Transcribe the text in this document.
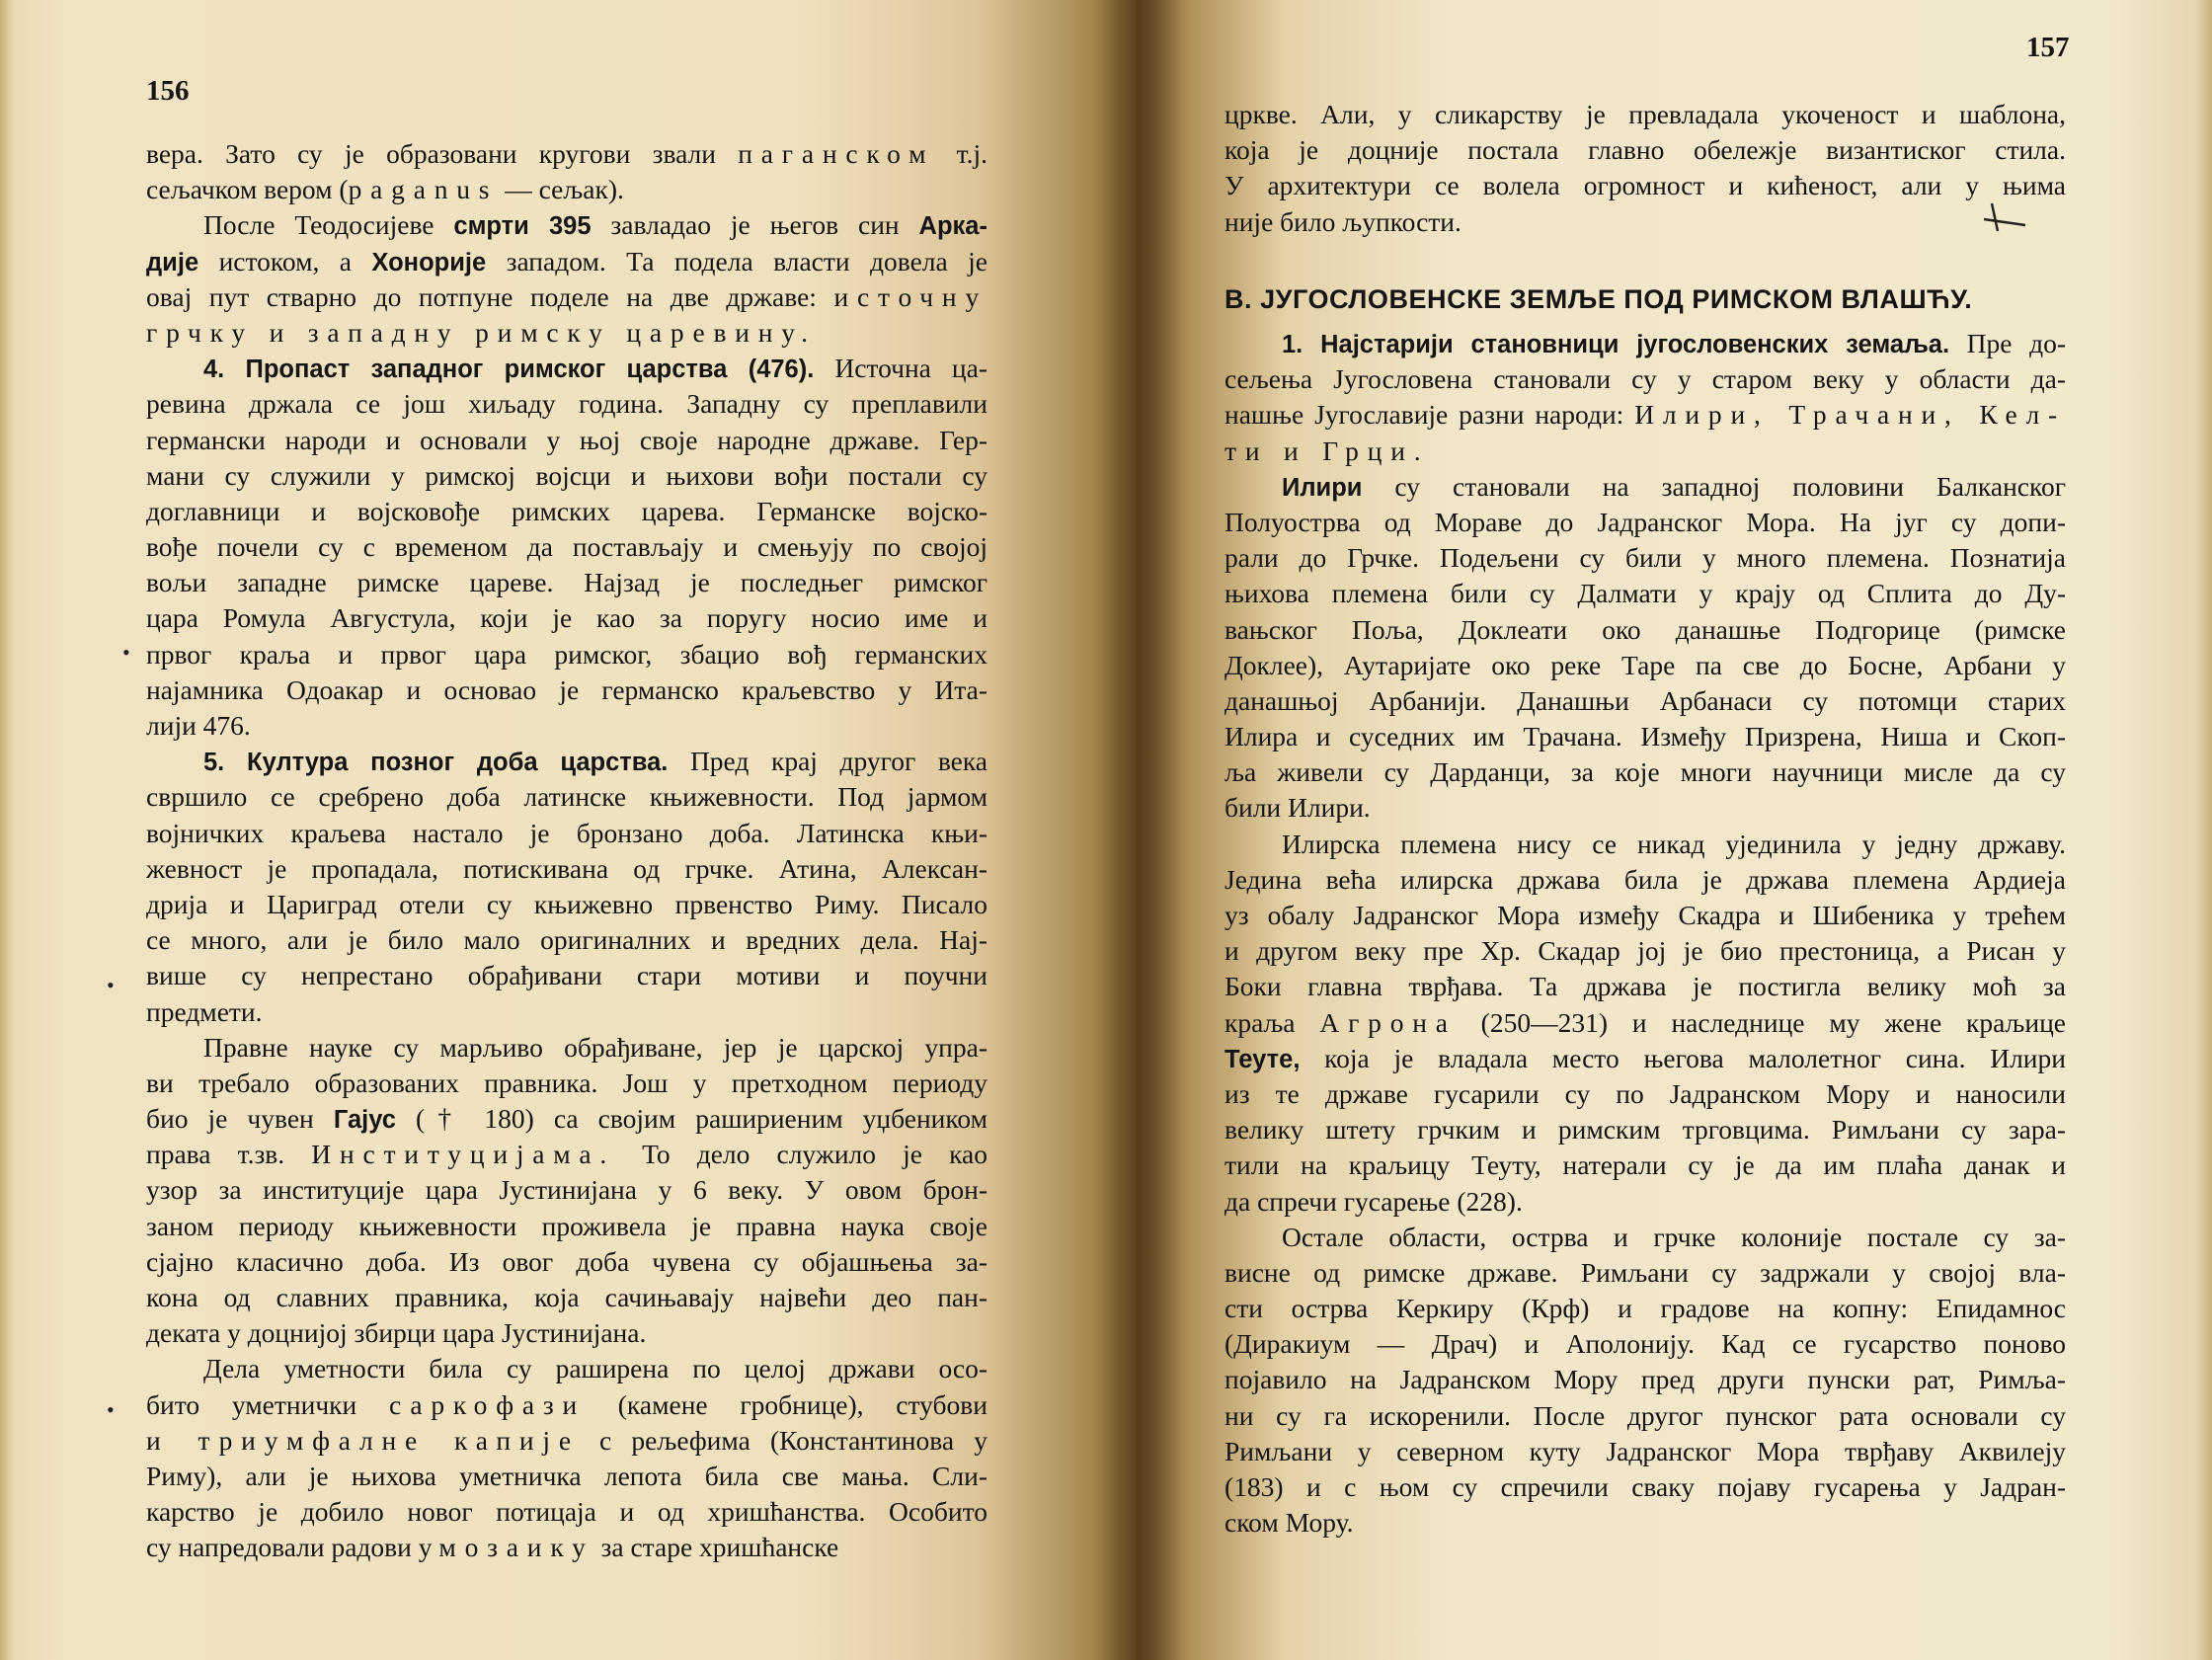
156
вера. Зато су је образовани кругови звали паганском т.ј.
сељачком вером (paganus — сељак).
После Теодосијеве смрти 395 завладао је његов син Арка-
дије истоком, а Хонорије западом. Та подела власти довела је
овај пут стварно до потпуне поделе на две државе: источну
грчку и западну римску царевину.
4. Пропаст западног римског царства (476). Источна ца-
ревина држала се још хиљаду година. Западну су преплавили
германски народи и основали у њој своје народне државе. Гер-
мани су служили у римској војсци и њихови вођи постали су
доглавници и војсковође римских царева. Германске војско-
вође почели су с временом да постављају и смењују по својој
вољи западне римске цареве. Најзад је последњег римског
цара Ромула Августула, који је као за поругу носио име и
првог краља и првог цара римског, збацио вођ германских
најамника Одоакар и основао је германско краљевство у Ита-
лији 476.
5. Култура позног доба царства. Пред крај другог века
свршило се сребрено доба латинске књижевности. Под јармом
војничких краљева настало је бронзано доба. Латинска књи-
жевност је пропадала, потискивана од грчке. Атина, Алексан-
дрија и Цариград отели су књижевно првенство Риму. Писало
се много, али је било мало оригиналних и вредних дела. Нај-
више су непрестано обрађивани стари мотиви и поучни
предмети.
Правне науке су марљиво обрађиване, јер је царској упра-
ви требало образованих правника. Још у претходном периоду
био је чувен Гајус († 180) са својим рашириеним уџбеником
права т.зв. Институцијама. То дело служило је као
узор за институције цара Јустинијана у 6 веку. У овом брон-
заном периоду књижевности проживела је правна наука своје
сјајно класично доба. Из овог доба чувена су објашњења за-
кона од славних правника, која сачињавају највећи део пан-
деката у доцнијој збирци цара Јустинијана.
Дела уметности била су раширена по целој држави осо-
бито уметнички саркофази (камене гробнице), стубови
и триумфалне капије с рељефима (Константинова у
Риму), али је њихова уметничка лепота била све мања. Сли-
карство је добило новог потицаја и од хришћанства. Особито
су напредовали радови у мозаику за старе хришћанске
157
цркве. Али, у сликарству је превладала укоченост и шаблона,
која је доцније постала главно обележје византиског стила.
У архитектури се волела огромност и кићеност, али у њима
није било љупкости.
В. ЈУГОСЛОВЕНСКЕ ЗЕМЉЕ ПОД РИМСКОМ ВЛАШЋУ.
1. Најстарији становници југословенских земаља. Пре до-
сељења Југословена становали су у старом веку у области да-
нашње Југославије разни народи: Илири, Трачани, Кел-
ти и Грци.
Илири су становали на западној половини Балканског
Полуострва од Мораве до Јадранског Мора. На југ су допи-
рали до Грчке. Подељени су били у много племена. Познатија
њихова племена били су Далмати у крају од Сплита до Ду-
вањског Поља, Доклеати око данашње Подгорице (римске
Доклее), Аутаријате око реке Таре па све до Босне, Арбани у
данашњој Арбанији. Данашњи Арбанаси су потомци старих
Илира и суседних им Трачана. Између Призрена, Ниша и Скоп-
ља живели су Дарданци, за које многи научници мисле да су
били Илири.
Илирска племена нису се никад ујединила у једну државу.
Једина већа илирска држава била је држава племена Ардиеја
уз обалу Јадранског Мора између Скадра и Шибеника у трећем
и другом веку пре Хр. Скадар јој је био престоница, а Рисан у
Боки главна тврђава. Та држава је постигла велику моћ за
краља Агрона (250—231) и наследнице му жене краљице
Теуте, која је владала место његова малолетног сина. Илири
из те државе гусарили су по Јадранском Мору и наносили
велику штету грчким и римским трговцима. Римљани су зара-
тили на краљицу Теуту, натерали су је да им плаћа данак и
да спречи гусарење (228).
Остале области, острва и грчке колоније постале су за-
висне од римске државе. Римљани су задржали у својој вла-
сти острва Керкиру (Крф) и градове на копну: Епидамнос
(Диракиум — Драч) и Аполонију. Кад се гусарство поново
појавило на Јадранском Мору пред други пунски рат, Римља-
ни су га искоренили. После другог пунског рата основали су
Римљани у северном куту Јадранског Мора тврђаву Аквилеју
(183) и с њом су спречили сваку појаву гусарења у Јадран-
ском Мору.
•
•
•
